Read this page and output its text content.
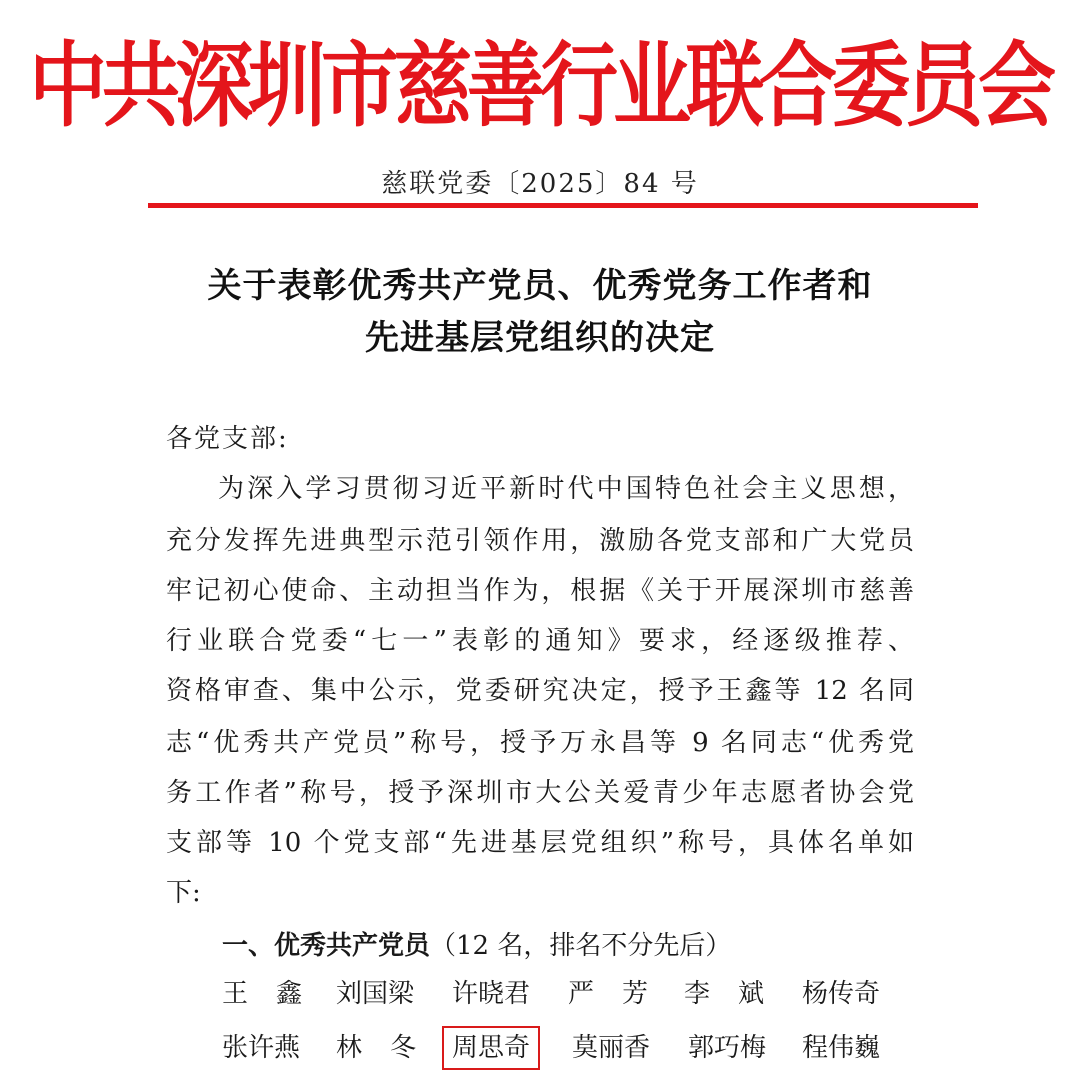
中共深圳市慈善行业联合委员会
慈联党委〔2025〕84 号
关于表彰优秀共产党员、优秀党务工作者和
先进基层党组织的决定
各党支部:
为深入学习贯彻习近平新时代中国特色社会主义思想，
充分发挥先进典型示范引领作用，激励各党支部和广大党员
牢记初心使命、主动担当作为，根据《关于开展深圳市慈善
行业联合党委“七一”表彰的通知》要求，经逐级推荐、
资格审查、集中公示，党委研究决定，授予王鑫等 12 名同
志“优秀共产党员”称号，授予万永昌等 9 名同志“优秀党
务工作者”称号，授予深圳市大公关爱青少年志愿者协会党
支部等 10 个党支部“先进基层党组织”称号，具体名单如
下:
一、优秀共产党员（12 名，排名不分先后）
王鑫 刘国梁 许晓君 严芳 李斌 杨传奇
张许燕 林冬 周思奇 莫丽香 郭巧梅 程伟巍
